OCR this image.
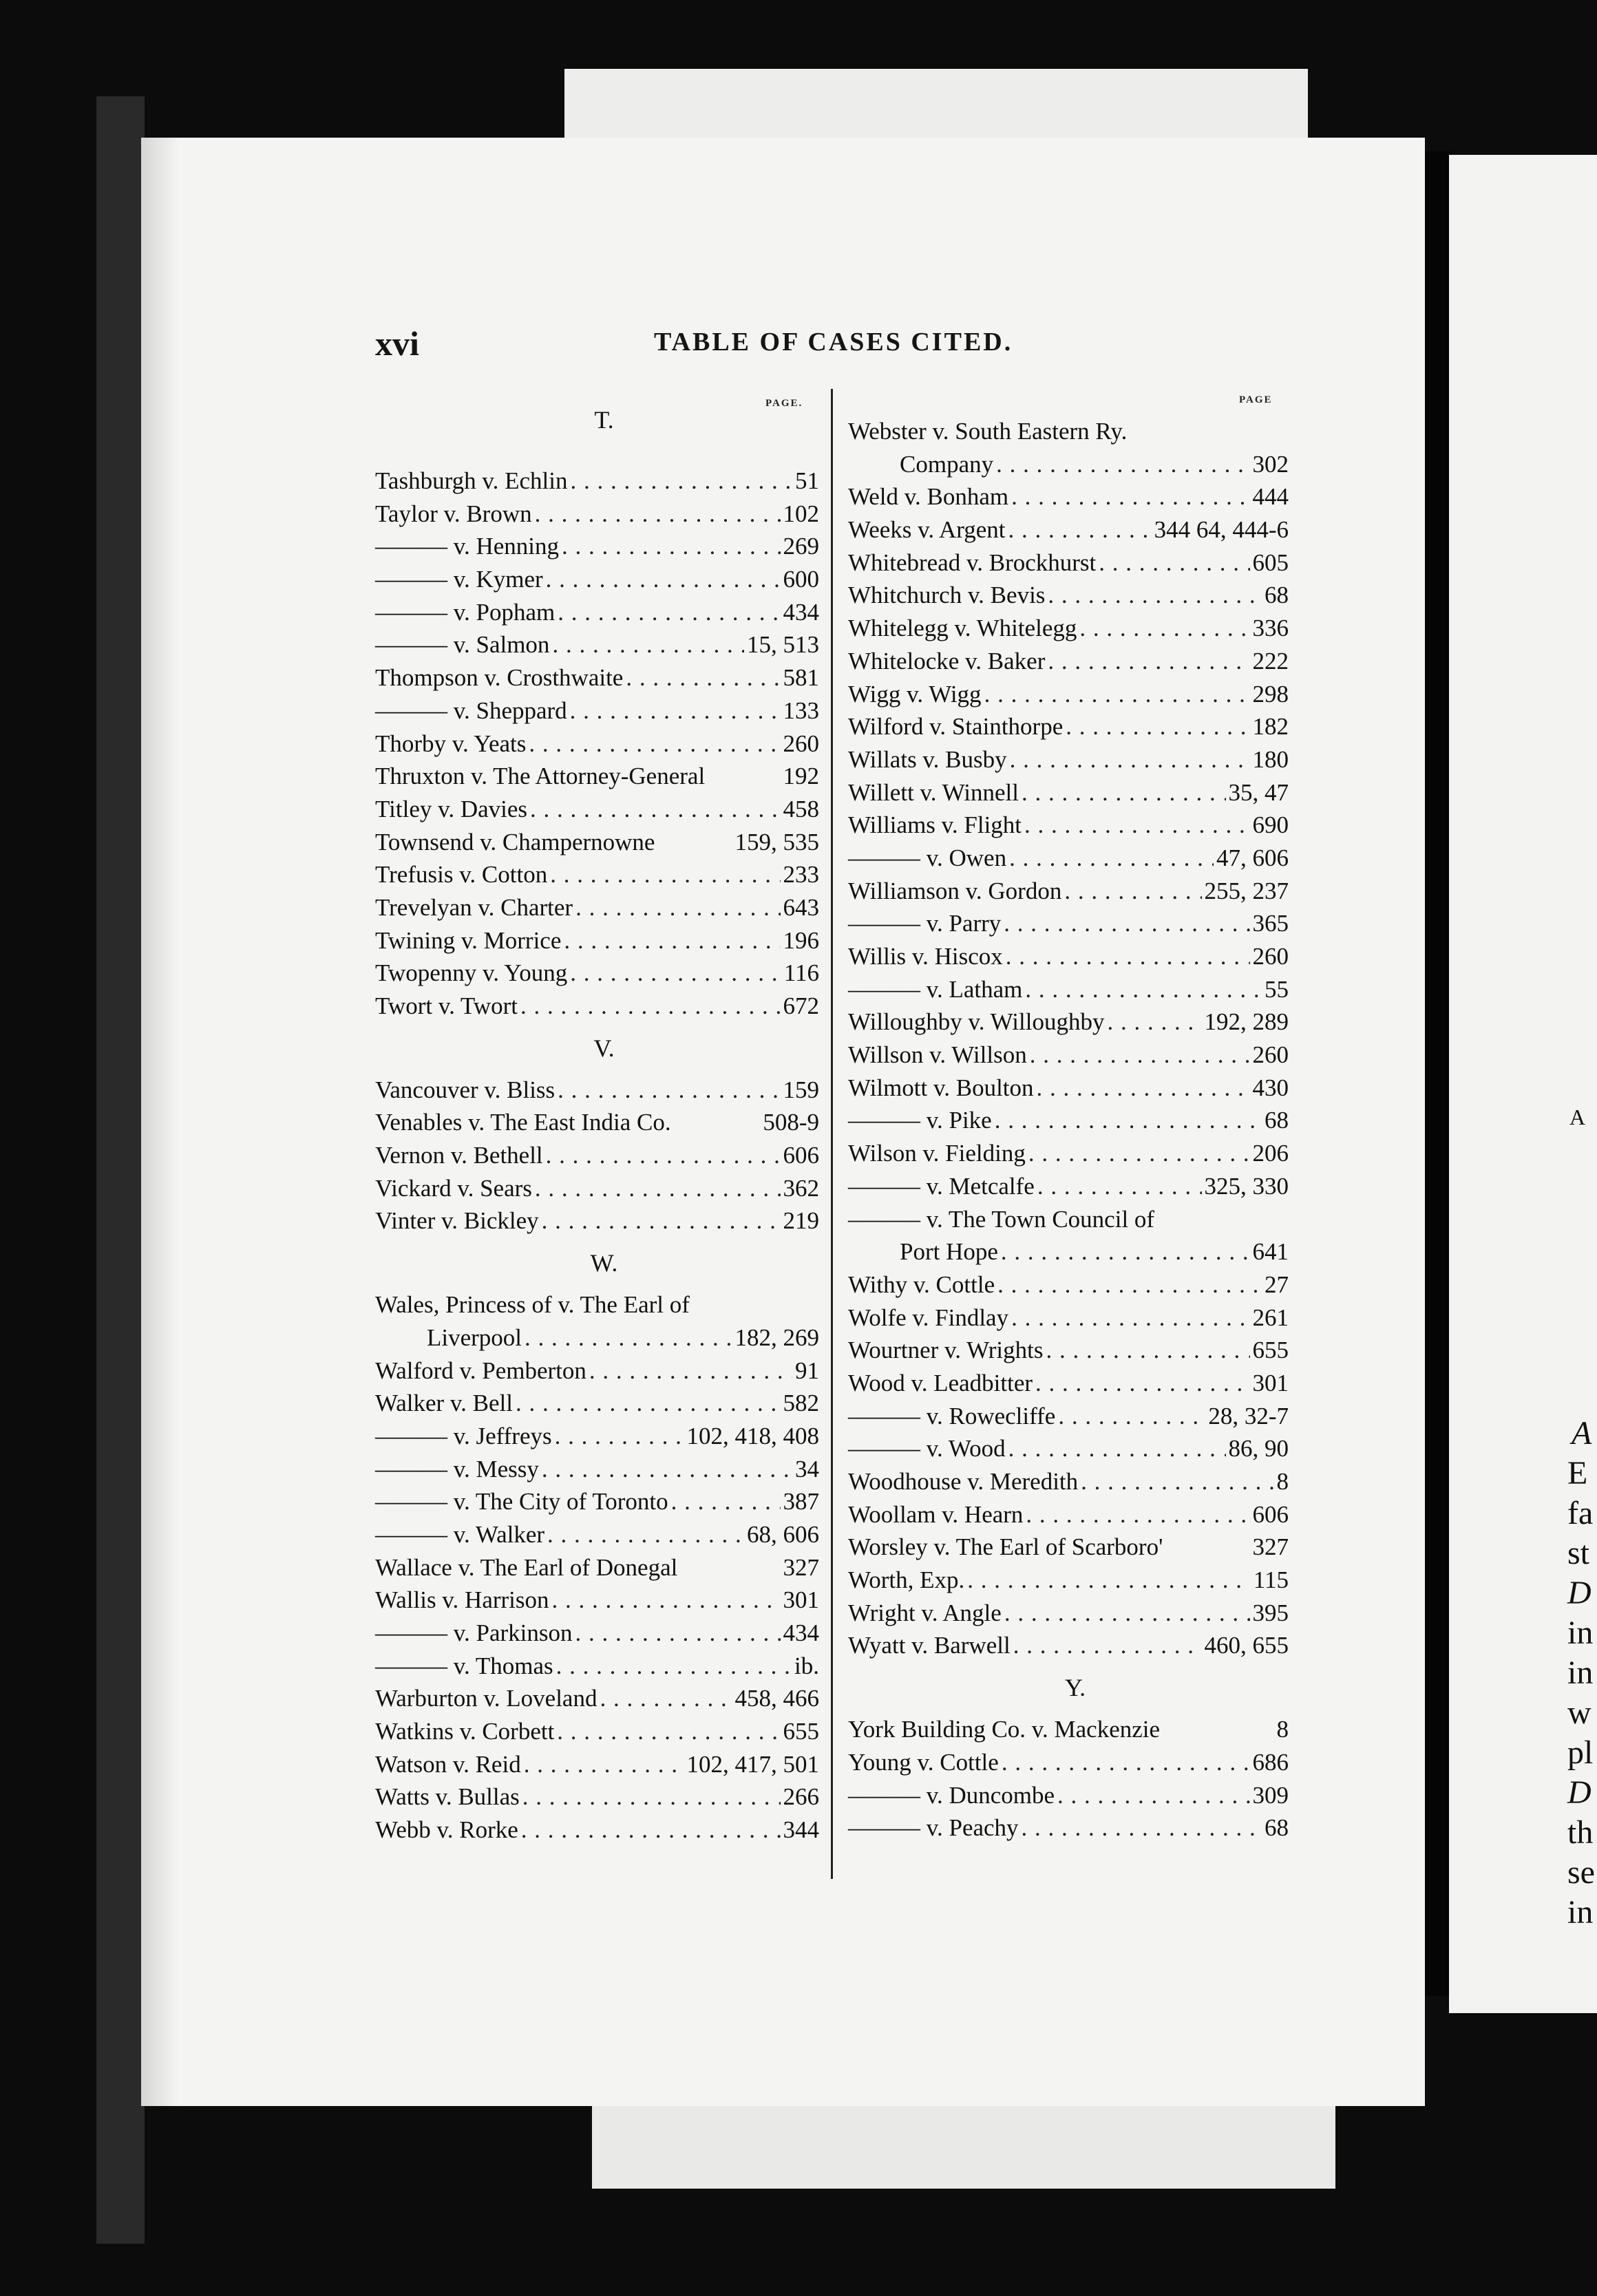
A
A
E
fa
st
D
in
in
w
pl
D
th
se
in
xvi	TABLE OF CASES CITED.
PAGE.	PAGE
T.
Tashburgh v. Echlin . . .	51
Taylor v. Brown . . .	102
——— v. Henning . . .	269
——— v. Kymer . . .	600
——— v. Popham . . .	434
——— v. Salmon . . .	15, 513
Thompson v. Crosthwaite . . .	581
——— v. Sheppard . . .	133
Thorby v. Yeats . . .	260
Thruxton v. The Attorney-General	192
Titley v. Davies . . .	458
Townsend v. Champernowne	159, 535
Trefusis v. Cotton . . .	233
Trevelyan v. Charter . . .	643
Twining v. Morrice . . .	196
Twopenny v. Young . . .	116
Twort v. Twort . . .	672
V.
Vancouver v. Bliss . . .	159
Venables v. The East India Co.	508-9
Vernon v. Bethell . . .	606
Vickard v. Sears . . .	362
Vinter v. Bickley . . .	219
W.
Wales, Princess of v. The Earl of
Liverpool . . .	182, 269
Walford v. Pemberton . . .	91
Walker v. Bell . . .	582
——— v. Jeffreys . . .	102, 418, 408
——— v. Messy . . .	34
——— v. The City of Toronto . . .	387
——— v. Walker . . .	68, 606
Wallace v. The Earl of Donegal	327
Wallis v. Harrison . . .	301
——— v. Parkinson . . .	434
——— v. Thomas . . .	ib.
Warburton v. Loveland . . .	458, 466
Watkins v. Corbett . . .	655
Watson v. Reid . . .	102, 417, 501
Watts v. Bullas . . .	266
Webb v. Rorke . . .	344
Webster v. South Eastern Ry.
Company . . .	302
Weld v. Bonham . . .	444
Weeks v. Argent . . .	344 64, 444-6
Whitebread v. Brockhurst . . .	605
Whitchurch v. Bevis . . .	68
Whitelegg v. Whitelegg . . .	336
Whitelocke v. Baker . . .	222
Wigg v. Wigg . . .	298
Wilford v. Stainthorpe . . .	182
Willats v. Busby . . .	180
Willett v. Winnell . . .	35, 47
Williams v. Flight . . .	690
——— v. Owen . . .	47, 606
Williamson v. Gordon . . .	255, 237
——— v. Parry . . .	365
Willis v. Hiscox . . .	260
——— v. Latham . . .	55
Willoughby v. Willoughby . . .	192, 289
Willson v. Willson . . .	260
Wilmott v. Boulton . . .	430
——— v. Pike . . .	68
Wilson v. Fielding . . .	206
——— v. Metcalfe . . .	325, 330
——— v. The Town Council of
Port Hope . . .	641
Withy v. Cottle . . .	27
Wolfe v. Findlay . . .	261
Wourtner v. Wrights . . .	655
Wood v. Leadbitter . . .	301
——— v. Rowecliffe . . .	28, 32-7
——— v. Wood . . .	86, 90
Woodhouse v. Meredith . . .	8
Woollam v. Hearn . . .	606
Worsley v. The Earl of Scarboro'	327
Worth, Exp. . . .	115
Wright v. Angle . . .	395
Wyatt v. Barwell . . .	460, 655
Y.
York Building Co. v. Mackenzie	8
Young v. Cottle . . .	686
——— v. Duncombe . . .	309
——— v. Peachy . . .	68
